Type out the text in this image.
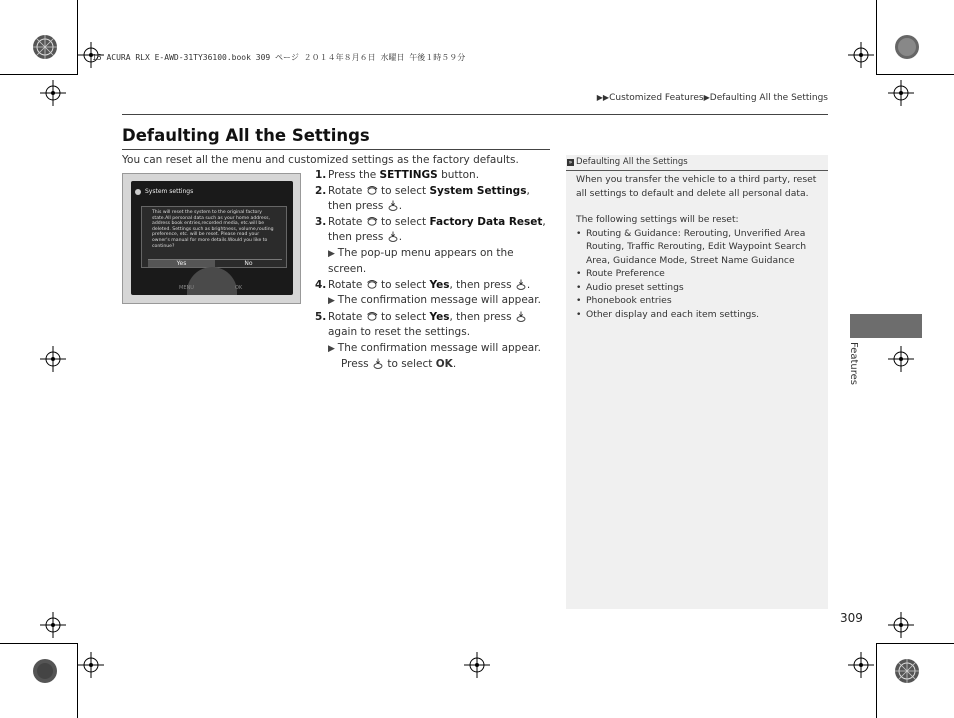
15 ACURA RLX E-AWD-31TY36100.book 309 ページ ２０１４年８月６日 水曜日 午後１時５９分
▶▶Customized Features▶Defaulting All the Settings
Defaulting All the Settings
You can reset all the menu and customized settings as the factory defaults.
System settings
This will reset the system to the original factory state.All personal data such as your home address, address book entries,recorded media, etc.will be deleted. Settings such as brightness, volume,routing preference, etc. will be reset. Please read your owner's manual for more details.Would you like to continue?
Yes	No
MENU	OK
1. Press the SETTINGS button.
2. Rotate  to select System Settings, then press .
3. Rotate  to select Factory Data Reset, then press .
▶ The pop-up menu appears on the screen.
4. Rotate  to select Yes, then press .
▶ The confirmation message will appear.
5. Rotate  to select Yes, then press  again to reset the settings.
▶ The confirmation message will appear.
Press  to select OK.
» Defaulting All the Settings

When you transfer the vehicle to a third party, reset all settings to default and delete all personal data.

The following settings will be reset:

• Routing & Guidance: Rerouting, Unverified Area Routing, Traffic Rerouting, Edit Waypoint Search Area, Guidance Mode, Street Name Guidance
• Route Preference
• Audio preset settings
• Phonebook entries
• Other display and each item settings.
Features
309
